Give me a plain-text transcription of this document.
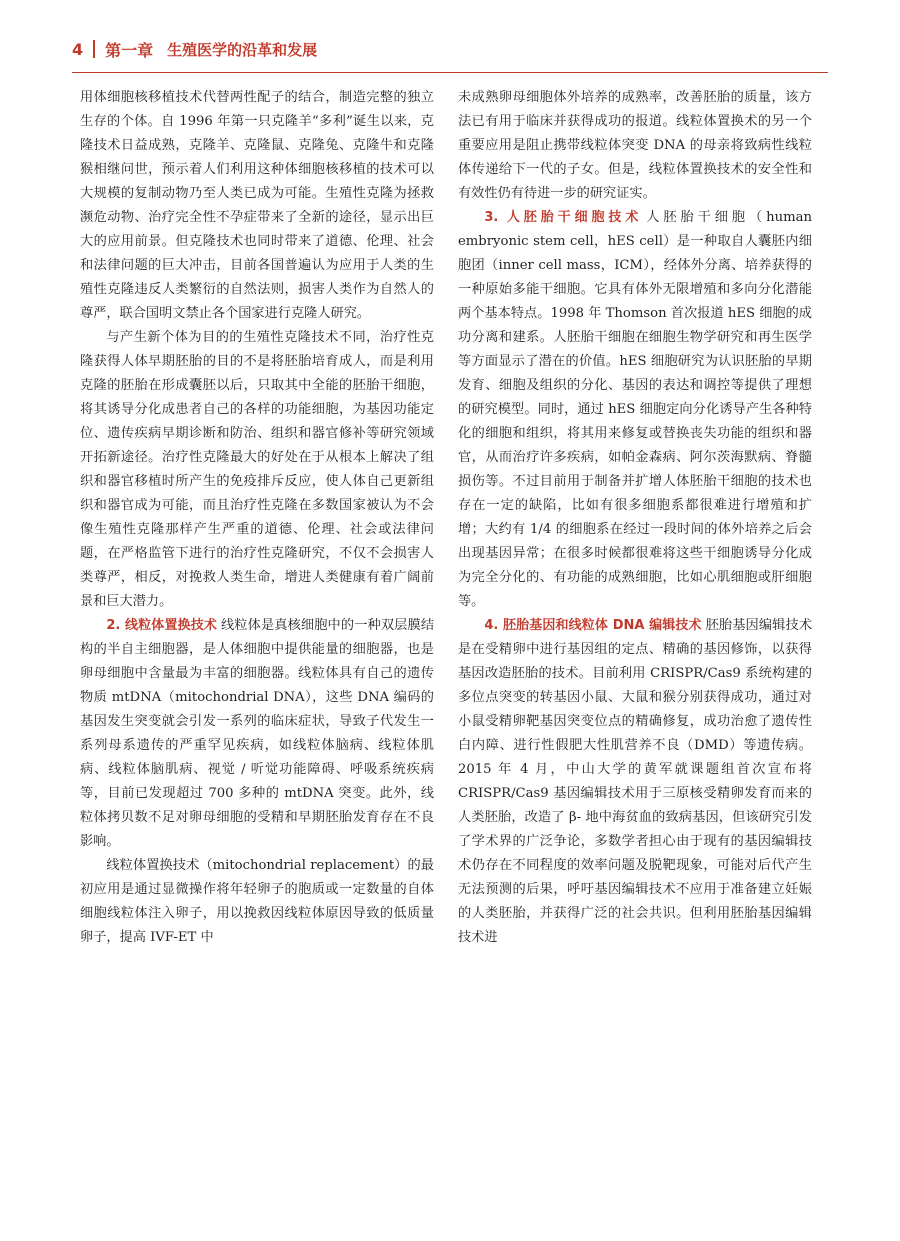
4 第一章 生殖医学的沿革和发展

用体细胞核移植技术代替两性配子的结合，制造完整的独立生存的个体。自 1996 年第一只克隆羊“多利”诞生以来，克隆技术日益成熟，克隆羊、克隆鼠、克隆兔、克隆牛和克隆猴相继问世，预示着人们利用这种体细胞核移植的技术可以大规模的复制动物乃至人类已成为可能。生殖性克隆为拯救濒危动物、治疗完全性不孕症带来了全新的途径，显示出巨大的应用前景。但克隆技术也同时带来了道德、伦理、社会和法律问题的巨大冲击，目前各国普遍认为应用于人类的生殖性克隆违反人类繁衍的自然法则，损害人类作为自然人的尊严，联合国明文禁止各个国家进行克隆人研究。

与产生新个体为目的的生殖性克隆技术不同，治疗性克隆获得人体早期胚胎的目的不是将胚胎培育成人，而是利用克隆的胚胎在形成囊胚以后，只取其中全能的胚胎干细胞，将其诱导分化成患者自己的各样的功能细胞，为基因功能定位、遗传疾病早期诊断和防治、组织和器官修补等研究领域开拓新途径。治疗性克隆最大的好处在于从根本上解决了组织和器官移植时所产生的免疫排斥反应，使人体自己更新组织和器官成为可能，而且治疗性克隆在多数国家被认为不会像生殖性克隆那样产生严重的道德、伦理、社会或法律问题，在严格监管下进行的治疗性克隆研究，不仅不会损害人类尊严，相反，对挽救人类生命，增进人类健康有着广阔前景和巨大潜力。

2. 线粒体置换技术 线粒体是真核细胞中的一种双层膜结构的半自主细胞器，是人体细胞中提供能量的细胞器，也是卵母细胞中含量最为丰富的细胞器。线粒体具有自己的遗传物质 mtDNA（mitochondrial DNA），这些 DNA 编码的基因发生突变就会引发一系列的临床症状，导致子代发生一系列母系遗传的严重罕见疾病，如线粒体脑病、线粒体肌病、线粒体脑肌病、视觉 / 听觉功能障碍、呼吸系统疾病等，目前已发现超过 700 多种的 mtDNA 突变。此外，线粒体拷贝数不足对卵母细胞的受精和早期胚胎发育存在不良影响。

线粒体置换技术（mitochondrial replacement）的最初应用是通过显微操作将年轻卵子的胞质或一定数量的自体细胞线粒体注入卵子，用以挽救因线粒体原因导致的低质量卵子，提高 IVF-ET 中

未成熟卵母细胞体外培养的成熟率，改善胚胎的质量，该方法已有用于临床并获得成功的报道。线粒体置换术的另一个重要应用是阻止携带线粒体突变 DNA 的母亲将致病性线粒体传递给下一代的子女。但是，线粒体置换技术的安全性和有效性仍有待进一步的研究证实。

3. 人胚胎干细胞技术 人胚胎干细胞（human embryonic stem cell，hES cell）是一种取自人囊胚内细胞团（inner cell mass，ICM），经体外分离、培养获得的一种原始多能干细胞。它具有体外无限增殖和多向分化潜能两个基本特点。1998 年 Thomson 首次报道 hES 细胞的成功分离和建系。人胚胎干细胞在细胞生物学研究和再生医学等方面显示了潜在的价值。hES 细胞研究为认识胚胎的早期发育、细胞及组织的分化、基因的表达和调控等提供了理想的研究模型。同时，通过 hES 细胞定向分化诱导产生各种特化的细胞和组织，将其用来修复或替换丧失功能的组织和器官，从而治疗许多疾病，如帕金森病、阿尔茨海默病、脊髓损伤等。不过目前用于制备并扩增人体胚胎干细胞的技术也存在一定的缺陷，比如有很多细胞系都很难进行增殖和扩增；大约有 1/4 的细胞系在经过一段时间的体外培养之后会出现基因异常；在很多时候都很难将这些干细胞诱导分化成为完全分化的、有功能的成熟细胞，比如心肌细胞或肝细胞等。

4. 胚胎基因和线粒体 DNA 编辑技术 胚胎基因编辑技术是在受精卵中进行基因组的定点、精确的基因修饰，以获得基因改造胚胎的技术。目前利用 CRISPR/Cas9 系统构建的多位点突变的转基因小鼠、大鼠和猴分别获得成功，通过对小鼠受精卵靶基因突变位点的精确修复，成功治愈了遗传性白内障、进行性假肥大性肌营养不良（DMD）等遗传病。2015 年 4 月，中山大学的黄军就课题组首次宣布将 CRISPR/Cas9 基因编辑技术用于三原核受精卵发育而来的人类胚胎，改造了 β- 地中海贫血的致病基因，但该研究引发了学术界的广泛争论，多数学者担心由于现有的基因编辑技术仍存在不同程度的效率问题及脱靶现象，可能对后代产生无法预测的后果，呼吁基因编辑技术不应用于准备建立妊娠的人类胚胎，并获得广泛的社会共识。但利用胚胎基因编辑技术进
